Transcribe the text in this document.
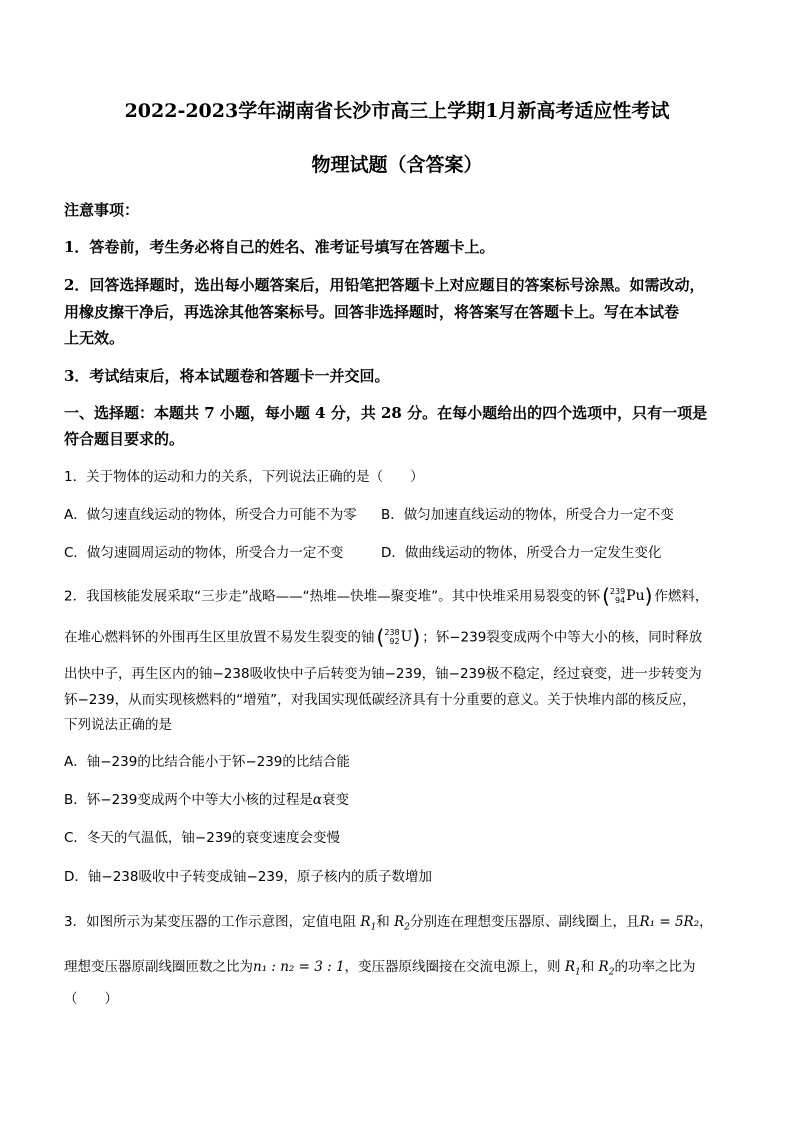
2022-2023学年湖南省长沙市高三上学期1月新高考适应性考试
物理试题（含答案）
注意事项：
1．答卷前，考生务必将自己的姓名、准考证号填写在答题卡上。
2．回答选择题时，选出每小题答案后，用铅笔把答题卡上对应题目的答案标号涂黑。如需改动，
用橡皮擦干净后，再选涂其他答案标号。回答非选择题时，将答案写在答题卡上。写在本试卷
上无效。
3．考试结束后，将本试题卷和答题卡一并交回。
一、选择题：本题共 7 小题，每小题 4 分，共 28 分。在每小题给出的四个选项中，只有一项是
符合题目要求的。
1．关于物体的运动和力的关系，下列说法正确的是（　　）
A．做匀速直线运动的物体，所受合力可能不为零 B．做匀加速直线运动的物体，所受合力一定不变
C．做匀速圆周运动的物体，所受合力一定不变	D．做曲线运动的物体，所受合力一定发生变化
2．我国核能发展采取“三步走”战略——“热堆—快堆—聚变堆”。其中快堆采用易裂变的钚 ( 239
94 Pu) 作燃料，
在堆心燃料钚的外围再生区里放置不易发生裂变的铀 ( 238
92 U) ；钚−239裂变成两个中等大小的核，同时释放
出快中子，再生区内的铀−238吸收快中子后转变为铀−239，铀−239极不稳定，经过衰变，进一步转变为
钚−239，从而实现核燃料的“增殖”，对我国实现低碳经济具有十分重要的意义。关于快堆内部的核反应，
下列说法正确的是
A．铀−239的比结合能小于钚−239的比结合能
B．钚−239变成两个中等大小核的过程是α衰变
C．冬天的气温低，铀−239的衰变速度会变慢
D．铀−238吸收中子转变成铀−239，原子核内的质子数增加
3．如图所示为某变压器的工作示意图，定值电阻 $R_1$和 $R_2$分别连在理想变压器原、副线圈上，且R₁ = 5R₂，
理想变压器原副线圈匝数之比为n₁ : n₂ = 3 : 1，变压器原线圈接在交流电源上，则 $R_1$和 $R_2$的功率之比为
（　　）
